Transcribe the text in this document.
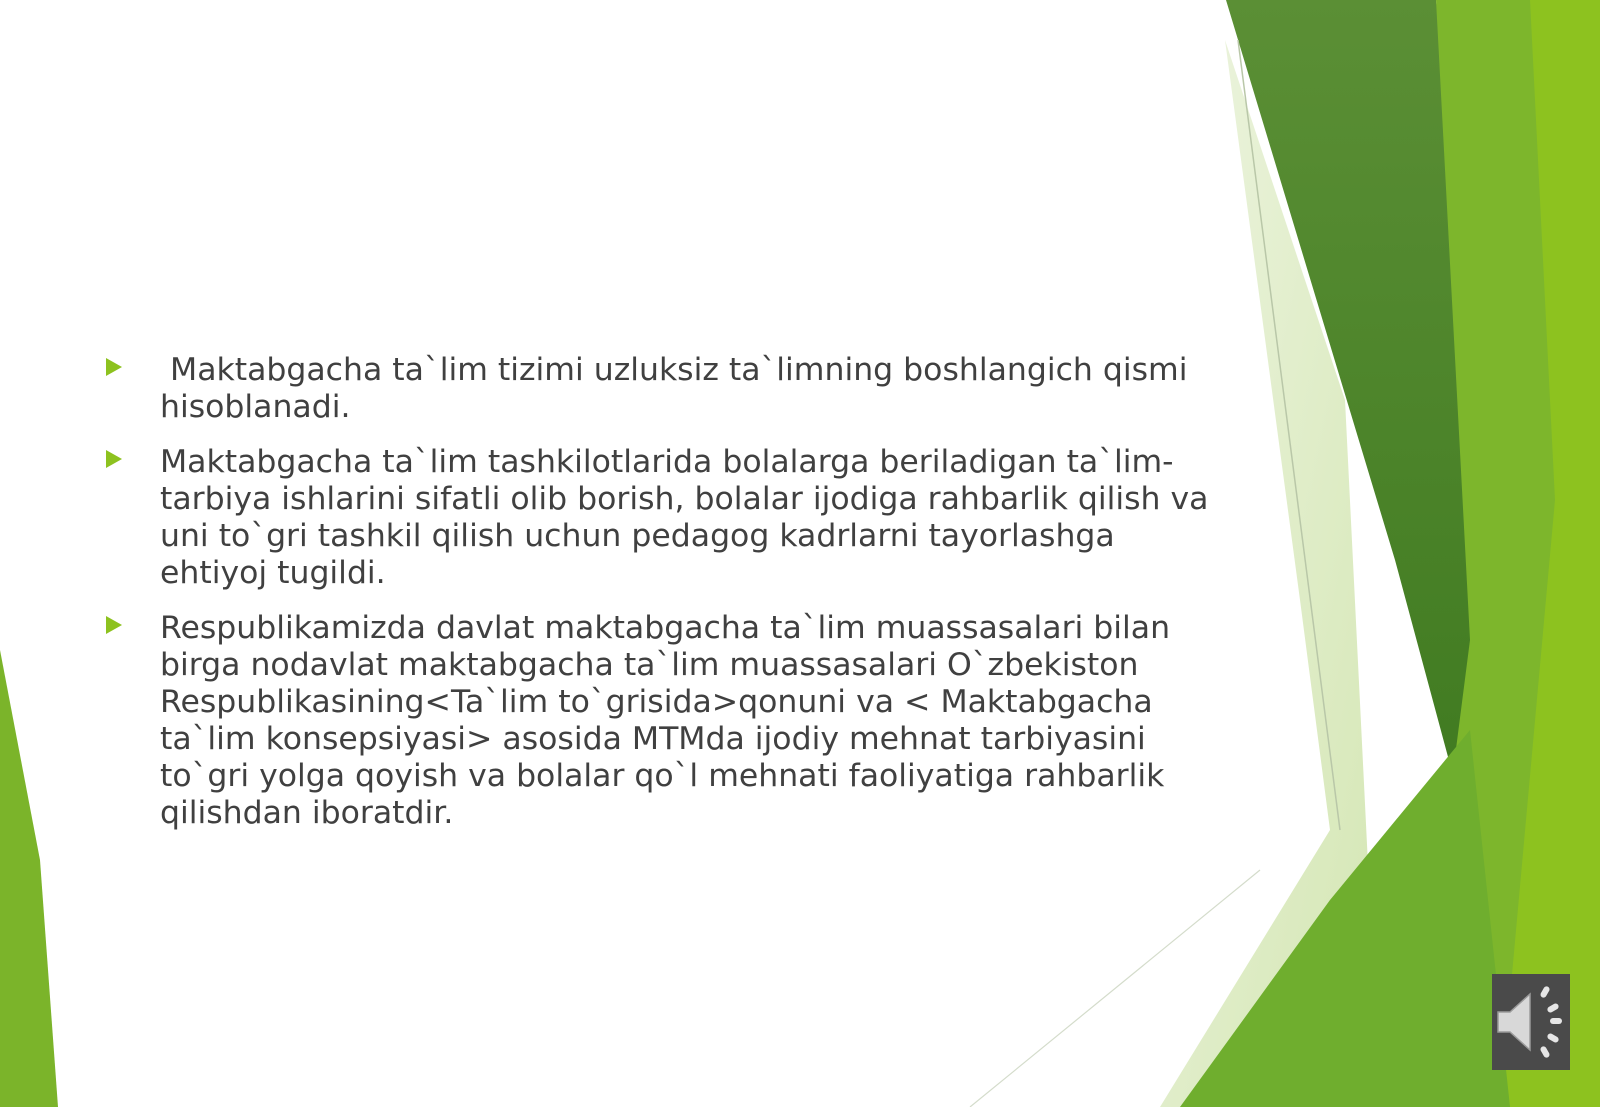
Maktabgacha ta`lim tizimi uzluksiz ta`limning boshlangich qismi hisoblanadi.
Maktabgacha ta`lim tashkilotlarida bolalarga beriladigan ta`lim-tarbiya ishlarini sifatli olib borish, bolalar ijodiga rahbarlik qilish va uni to`gri tashkil qilish uchun pedagog kadrlarni tayorlashga ehtiyoj tugildi.
Respublikamizda davlat maktabgacha ta`lim muassasalari bilan birga nodavlat maktabgacha ta`lim muassasalari O`zbekiston Respublikasining<Ta`lim to`grisida>qonuni va < Maktabgacha ta`lim konsepsiyasi> asosida MTMda ijodiy mehnat tarbiyasini to`gri yolga qoyish va bolalar qo`l mehnati faoliyatiga rahbarlik qilishdan iboratdir.
